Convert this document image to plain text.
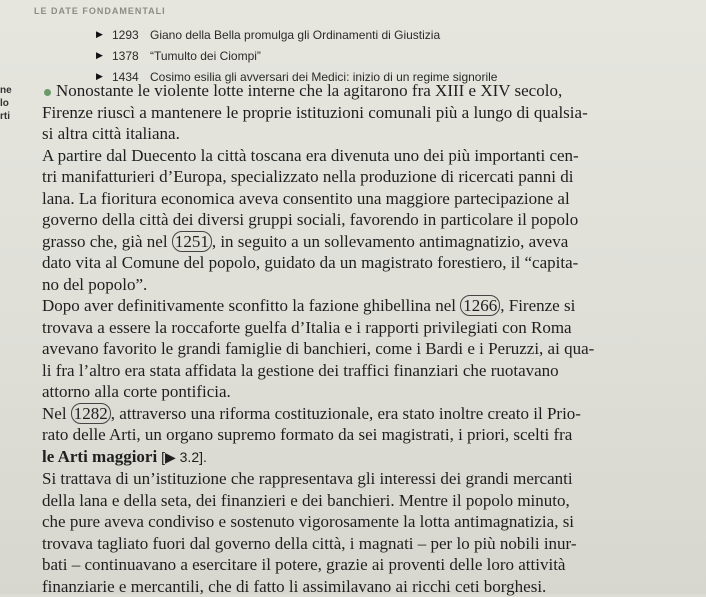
LE DATE FONDAMENTALI
▶ 1293 Giano della Bella promulga gli Ordinamenti di Giustizia
▶ 1378 “Tumulto dei Ciompi”
▶ 1434 Cosimo esilia gli avversari dei Medici: inizio di un regime signorile
ne
lo
rti

Nonostante le violente lotte interne che la agitarono fra XIII e XIV secolo,
Firenze riuscì a mantenere le proprie istituzioni comunali più a lungo di qualsia-
si altra città italiana.

A partire dal Duecento la città toscana era divenuta uno dei più importanti cen-
tri manifatturieri d’Europa, specializzato nella produzione di ricercati panni di
lana. La fioritura economica aveva consentito una maggiore partecipazione al
governo della città dei diversi gruppi sociali, favorendo in particolare il popolo
grasso che, già nel 1251 , in seguito a un sollevamento antimagnatizio, aveva
dato vita al Comune del popolo, guidato da un magistrato forestiero, il “capita-
no del popolo”.

Dopo aver definitivamente sconfitto la fazione ghibellina nel 1266 , Firenze si
trovava a essere la roccaforte guelfa d’Italia e i rapporti privilegiati con Roma
avevano favorito le grandi famiglie di banchieri, come i Bardi e i Peruzzi, ai qua-
li fra l’altro era stata affidata la gestione dei traffici finanziari che ruotavano
attorno alla corte pontificia.

Nel 1282 , attraverso una riforma costituzionale, era stato inoltre creato il Prio-
rato delle Arti, un organo supremo formato da sei magistrati, i priori, scelti fra
le Arti maggiori [▶ 3.2].

Si trattava di un’istituzione che rappresentava gli interessi dei grandi mercanti
della lana e della seta, dei finanzieri e dei banchieri. Mentre il popolo minuto,
che pure aveva condiviso e sostenuto vigorosamente la lotta antimagnatizia, si
trovava tagliato fuori dal governo della città, i magnati – per lo più nobili inur-
bati – continuavano a esercitare il potere, grazie ai proventi delle loro attività
finanziarie e mercantili, che di fatto li assimilavano ai ricchi ceti borghesi.
